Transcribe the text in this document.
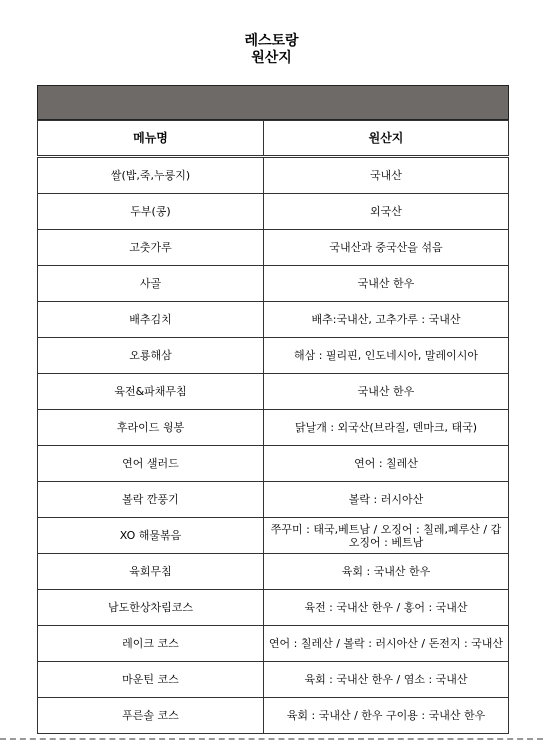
레스토랑
원산지
메뉴명	원산지
쌀(밥,죽,누룽지)	국내산
두부(콩)	외국산
고춧가루	국내산과 중국산을 섞음
사골	국내산 한우
배추김치	배추:국내산, 고추가루 : 국내산
오룡해삼	해삼 : 필리핀, 인도네시아, 말레이시아
육전&파채무침	국내산 한우
후라이드 윙봉	닭날개 : 외국산(브라질, 덴마크, 태국)
연어 샐러드	연어 : 칠레산
볼락 깐풍기	볼락 : 러시아산
XO 해물볶음	쭈꾸미 : 태국,베트남 / 오징어 : 칠레,페루산 / 갑오징어 : 베트남
육회무침	육회 : 국내산 한우
남도한상차림코스	육전 : 국내산 한우 / 홍어 : 국내산
레이크 코스	연어 : 칠레산 / 볼락 : 러시아산 / 돈전지 : 국내산
마운틴 코스	육회 : 국내산 한우 / 염소 : 국내산
푸른솔 코스	육회 : 국내산 / 한우 구이용 : 국내산 한우
